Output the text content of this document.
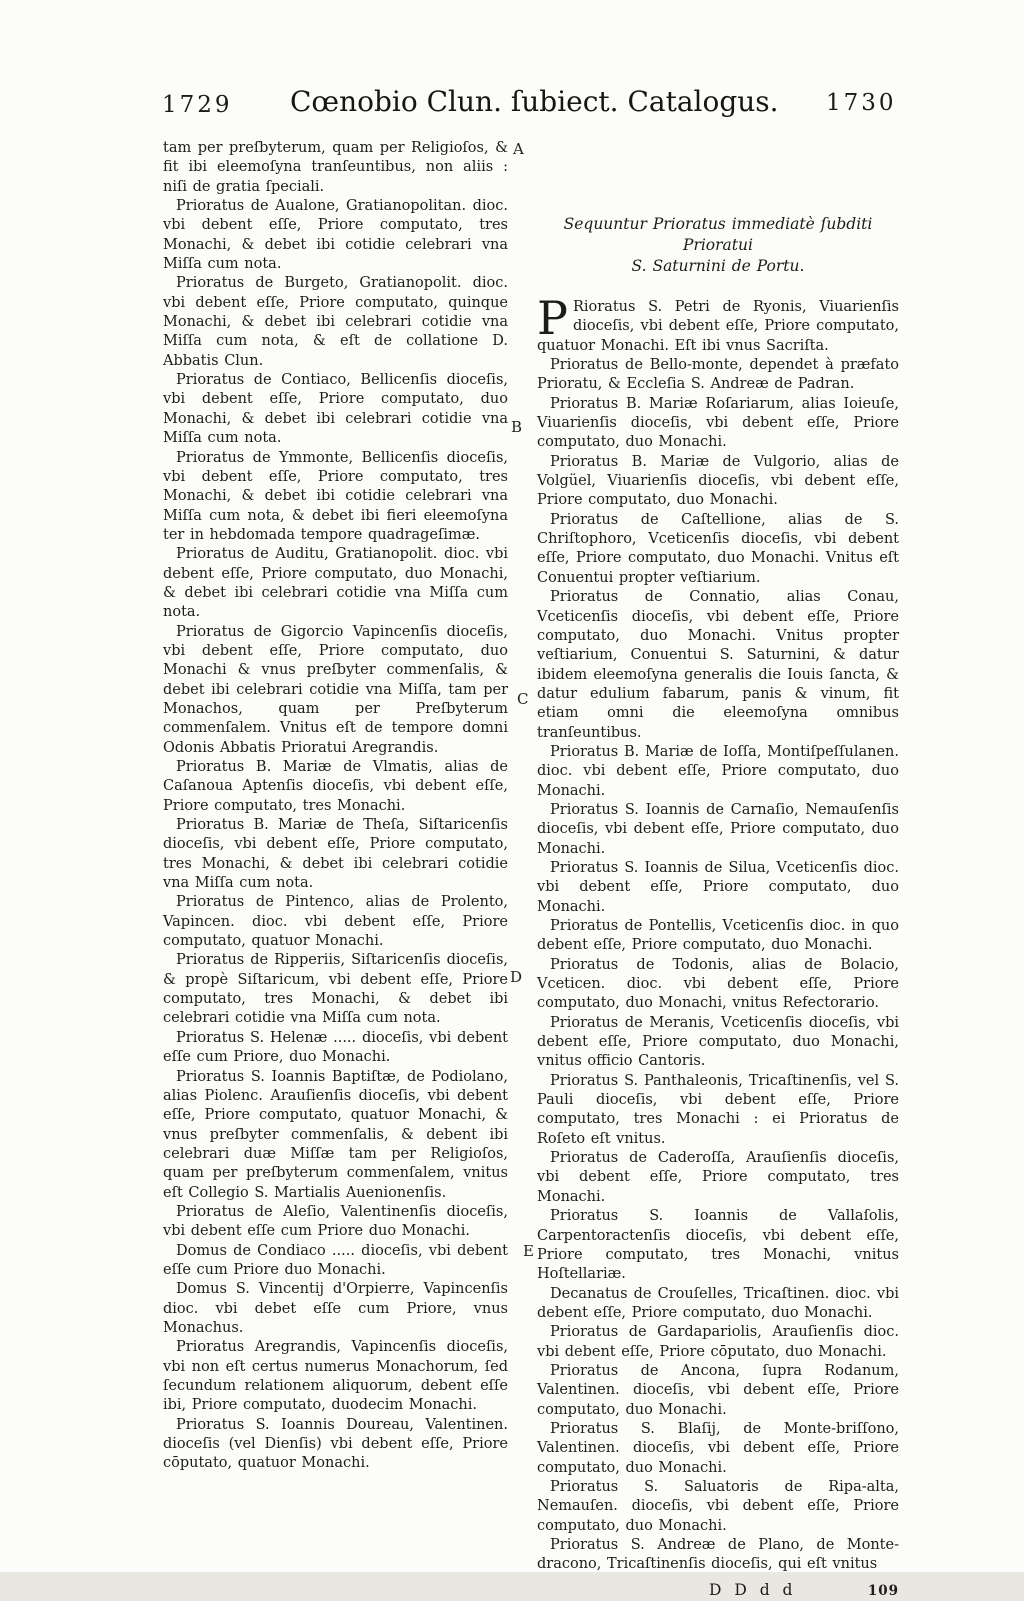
1729 Cœnobio Clun. ſubiect. Catalogus. 1730
A
B
C
D
E

tam per preſbyterum, quam per Religioſos, & fit ibi eleemoſyna tranſeuntibus, non aliis : niſi de gratia ſpeciali.

Prioratus de Aualone, Gratianopolitan. dioc. vbi debent eſſe, Priore computato, tres Monachi, & debet ibi cotidie celebrari vna Miſſa cum nota.

Prioratus de Burgeto, Gratianopolit. dioc. vbi debent eſſe, Priore computato, quinque Monachi, & debet ibi celebrari cotidie vna Miſſa cum nota, & eſt de collatione D. Abbatis Clun.

Prioratus de Contiaco, Bellicenſis dioceſis, vbi debent eſſe, Priore computato, duo Monachi, & debet ibi celebrari cotidie vna Miſſa cum nota.

Prioratus de Ymmonte, Bellicenſis dioceſis, vbi debent eſſe, Priore computato, tres Monachi, & debet ibi cotidie celebrari vna Miſſa cum nota, & debet ibi fieri eleemoſyna ter in hebdomada tempore quadrageſimæ.

Prioratus de Auditu, Gratianopolit. dioc. vbi debent eſſe, Priore computato, duo Monachi, & debet ibi celebrari cotidie vna Miſſa cum nota.

Prioratus de Gigorcio Vapincenſis dioceſis, vbi debent eſſe, Priore computato, duo Monachi & vnus preſbyter commenſalis, & debet ibi celebrari cotidie vna Miſſa, tam per Monachos, quam per Preſbyterum commenſalem. Vnitus eſt de tempore domni Odonis Abbatis Prioratui Aregrandis.

Prioratus B. Mariæ de Vlmatis, alias de Caſanoua Aptenſis dioceſis, vbi debent eſſe, Priore computato, tres Monachi.

Prioratus B. Mariæ de Theſa, Siſtaricenſis dioceſis, vbi debent eſſe, Priore computato, tres Monachi, & debet ibi celebrari cotidie vna Miſſa cum nota.

Prioratus de Pintenco, alias de Prolento, Vapincen. dioc. vbi debent eſſe, Priore computato, quatuor Monachi.

Prioratus de Ripperiis, Siſtaricenſis dioceſis, & propè Siſtaricum, vbi debent eſſe, Priore computato, tres Monachi, & debet ibi celebrari cotidie vna Miſſa cum nota.

Prioratus S. Helenæ ..... dioceſis, vbi debent eſſe cum Priore, duo Monachi.

Prioratus S. Ioannis Baptiſtæ, de Podiolano, alias Piolenc. Arauſienſis dioceſis, vbi debent eſſe, Priore computato, quatuor Monachi, & vnus preſbyter commenſalis, & debent ibi celebrari duæ Miſſæ tam per Religioſos, quam per preſbyterum commenſalem, vnitus eſt Collegio S. Martialis Auenionenſis.

Prioratus de Aleſio, Valentinenſis dioceſis, vbi debent eſſe cum Priore duo Monachi.

Domus de Condiaco ..... dioceſis, vbi debent eſſe cum Priore duo Monachi.

Domus S. Vincentij d'Orpierre, Vapincenſis dioc. vbi debet eſſe cum Priore, vnus Monachus.

Prioratus Aregrandis, Vapincenſis dioceſis, vbi non eſt certus numerus Monachorum, ſed ſecundum relationem aliquorum, debent eſſe ibi, Priore computato, duodecim Monachi.

Prioratus S. Ioannis Doureau, Valentinen. dioceſis (vel Dienſis) vbi debent eſſe, Priore cōputato, quatuor Monachi.

Sequuntur Prioratus immediatè ſubditi Prioratui
S. Saturnini de Portu.

P Rioratus S. Petri de Ryonis, Viuarienſis dioceſis, vbi debent eſſe, Priore computato, quatuor Monachi. Eſt ibi vnus Sacriſta.

Prioratus de Bello-monte, dependet à præfato Prioratu, & Eccleſia S. Andreæ de Padran.

Prioratus B. Mariæ Roſariarum, alias Ioieuſe, Viuarienſis dioceſis, vbi debent eſſe, Priore computato, duo Monachi.

Prioratus B. Mariæ de Vulgorio, alias de Volgüel, Viuarienſis dioceſis, vbi debent eſſe, Priore computato, duo Monachi.

Prioratus de Caſtellione, alias de S. Chriſtophoro, Vceticenſis dioceſis, vbi debent eſſe, Priore computato, duo Monachi. Vnitus eſt Conuentui propter veſtiarium.

Prioratus de Connatio, alias Conau, Vceticenſis dioceſis, vbi debent eſſe, Priore computato, duo Monachi. Vnitus propter veſtiarium, Conuentui S. Saturnini, & datur ibidem eleemoſyna generalis die Iouis ſancta, & datur edulium fabarum, panis & vinum, fit etiam omni die eleemoſyna omnibus tranſeuntibus.

Prioratus B. Mariæ de Ioſſa, Montiſpeſſulanen. dioc. vbi debent eſſe, Priore computato, duo Monachi.

Prioratus S. Ioannis de Carnaſio, Nemauſenſis dioceſis, vbi debent eſſe, Priore computato, duo Monachi.

Prioratus S. Ioannis de Silua, Vceticenſis dioc. vbi debent eſſe, Priore computato, duo Monachi.

Prioratus de Pontellis, Vceticenſis dioc. in quo debent eſſe, Priore computato, duo Monachi.

Prioratus de Todonis, alias de Bolacio, Vceticen. dioc. vbi debent eſſe, Priore computato, duo Monachi, vnitus Refectorario.

Prioratus de Meranis, Vceticenſis dioceſis, vbi debent eſſe, Priore computato, duo Monachi, vnitus officio Cantoris.

Prioratus S. Panthaleonis, Tricaſtinenſis, vel S. Pauli dioceſis, vbi debent eſſe, Priore computato, tres Monachi : ei Prioratus de Roſeto eſt vnitus.

Prioratus de Caderoſſa, Arauſienſis dioceſis, vbi debent eſſe, Priore computato, tres Monachi.

Prioratus S. Ioannis de Vallaſolis, Carpentoractenſis dioceſis, vbi debent eſſe, Priore computato, tres Monachi, vnitus Hoſtellariæ.

Decanatus de Crouſelles, Tricaſtinen. dioc. vbi debent eſſe, Priore computato, duo Monachi.

Prioratus de Gardapariolis, Arauſienſis dioc. vbi debent eſſe, Priore cōputato, duo Monachi.

Prioratus de Ancona, ſupra Rodanum, Valentinen. dioceſis, vbi debent eſſe, Priore computato, duo Monachi.

Prioratus S. Blaſij, de Monte-briſſono, Valentinen. dioceſis, vbi debent eſſe, Priore computato, duo Monachi.

Prioratus S. Saluatoris de Ripa-alta, Nemauſen. dioceſis, vbi debent eſſe, Priore computato, duo Monachi.

Prioratus S. Andreæ de Plano, de Monte-dracono, Tricaſtinenſis dioceſis, qui eſt vnitus

D D d d	109
